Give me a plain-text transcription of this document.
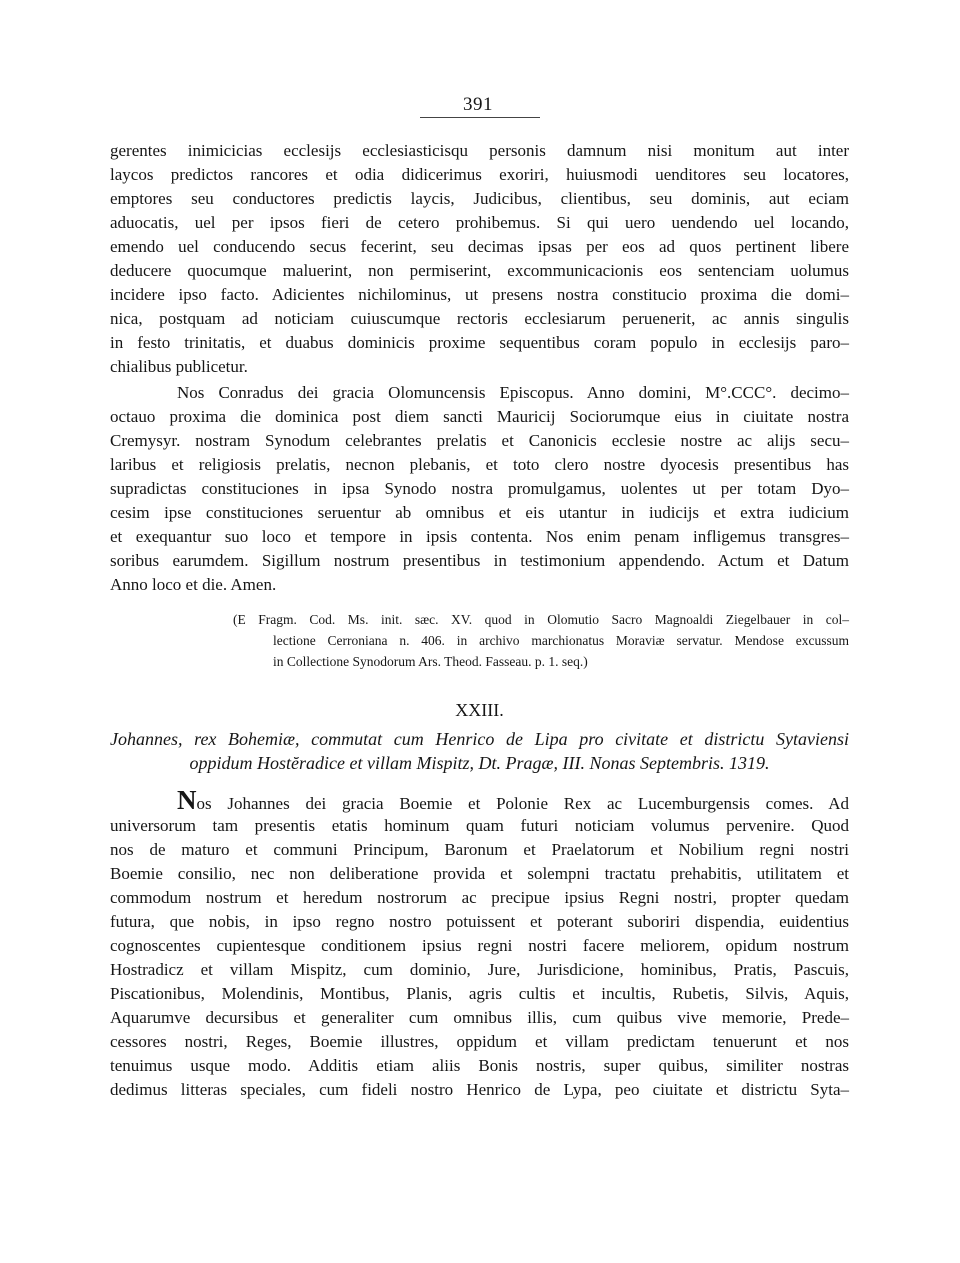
391
gerentes inimicicias ecclesijs ecclesiasticisqu personis damnum nisi monitum aut inter
laycos predictos rancores et odia didicerimus exoriri, huiusmodi uenditores seu locatores,
emptores seu conductores predictis laycis, Judicibus, clientibus, seu dominis, aut eciam
aduocatis, uel per ipsos fieri de cetero prohibemus. Si qui uero uendendo uel locando,
emendo uel conducendo secus fecerint, seu decimas ipsas per eos ad quos pertinent libere
deducere quocumque maluerint, non permiserint, excommunicacionis eos sentenciam uolumus
incidere ipso facto. Adicientes nichilominus, ut presens nostra constitucio proxima die domi–
nica, postquam ad noticiam cuiuscumque rectoris ecclesiarum peruenerit, ac annis singulis
in festo trinitatis, et duabus dominicis proxime sequentibus coram populo in ecclesijs paro–
chialibus publicetur.
Nos Conradus dei gracia Olomuncensis Episcopus. Anno domini, M°.CCC°. decimo–
octauo proxima die dominica post diem sancti Mauricij Sociorumque eius in ciuitate nostra
Cremysyr. nostram Synodum celebrantes prelatis et Canonicis ecclesie nostre ac alijs secu–
laribus et religiosis prelatis, necnon plebanis, et toto clero nostre dyocesis presentibus has
supradictas constituciones in ipsa Synodo nostra promulgamus, uolentes ut per totam Dyo–
cesim ipse constituciones seruentur ab omnibus et eis utantur in iudicijs et extra iudicium
et exequantur suo loco et tempore in ipsis contenta. Nos enim penam infligemus transgres–
soribus earumdem. Sigillum nostrum presentibus in testimonium appendendo. Actum et Datum
Anno loco et die. Amen.
(E Fragm. Cod. Ms. init. sæc. XV. quod in Olomutio Sacro Magnoaldi Ziegelbauer in col–
lectione Cerroniana n. 406. in archivo marchionatus Moraviæ servatur. Mendose excussum
in Collectione Synodorum Ars. Theod. Fasseau. p. 1. seq.)
XXIII.
Johannes, rex Bohemiæ, commutat cum Henrico de Lipa pro civitate et districtu Sytaviensi
oppidum Hostĕradice et villam Mispitz, Dt. Pragæ, III. Nonas Septembris. 1319.
Nos Johannes dei gracia Boemie et Polonie Rex ac Lucemburgensis comes. Ad
universorum tam presentis etatis hominum quam futuri noticiam volumus pervenire. Quod
nos de maturo et communi Principum, Baronum et Praelatorum et Nobilium regni nostri
Boemie consilio, nec non deliberatione provida et solempni tractatu prehabitis, utilitatem et
commodum nostrum et heredum nostrorum ac precipue ipsius Regni nostri, propter quedam
futura, que nobis, in ipso regno nostro potuissent et poterant suboriri dispendia, euidentius
cognoscentes cupientesque conditionem ipsius regni nostri facere meliorem, opidum nostrum
Hostradicz et villam Mispitz, cum dominio, Jure, Jurisdicione, hominibus, Pratis, Pascuis,
Piscationibus, Molendinis, Montibus, Planis, agris cultis et incultis, Rubetis, Silvis, Aquis,
Aquarumve decursibus et generaliter cum omnibus illis, cum quibus vive memorie, Prede–
cessores nostri, Reges, Boemie illustres, oppidum et villam predictam tenuerunt et nos
tenuimus usque modo. Additis etiam aliis Bonis nostris, super quibus, similiter nostras
dedimus litteras speciales, cum fideli nostro Henrico de Lypa, peo ciuitate et districtu Syta–
